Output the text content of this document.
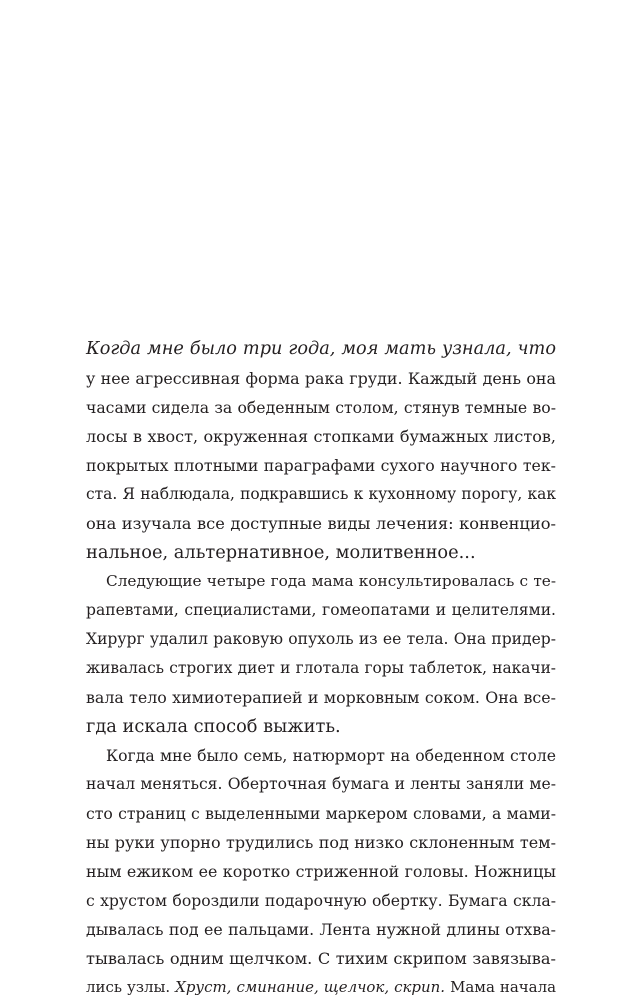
Когда мне было три года, моя мать узнала, что
у нее агрессивная форма рака груди. Каждый день она
часами сидела за обеденным столом, стянув темные во-
лосы в хвост, окруженная стопками бумажных листов,
покрытых плотными параграфами сухого научного тек-
ста. Я наблюдала, подкравшись к кухонному порогу, как
она изучала все доступные виды лечения: конвенцио-
нальное, альтернативное, молитвенное...
Следующие четыре года мама консультировалась с те-
рапевтами, специалистами, гомеопатами и целителями.
Хирург удалил раковую опухоль из ее тела. Она придер-
живалась строгих диет и глотала горы таблеток, накачи-
вала тело химиотерапией и морковным соком. Она все-
гда искала способ выжить.
Когда мне было семь, натюрморт на обеденном столе
начал меняться. Оберточная бумага и ленты заняли ме-
сто страниц с выделенными маркером словами, а мами-
ны руки упорно трудились под низко склоненным тем-
ным ежиком ее коротко стриженной головы. Ножницы
с хрустом бороздили подарочную обертку. Бумага скла-
дывалась под ее пальцами. Лента нужной длины отхва-
тывалась одним щелчком. С тихим скрипом завязыва-
лись узлы. Хруст, сминание, щелчок, скрип. Мама начала
